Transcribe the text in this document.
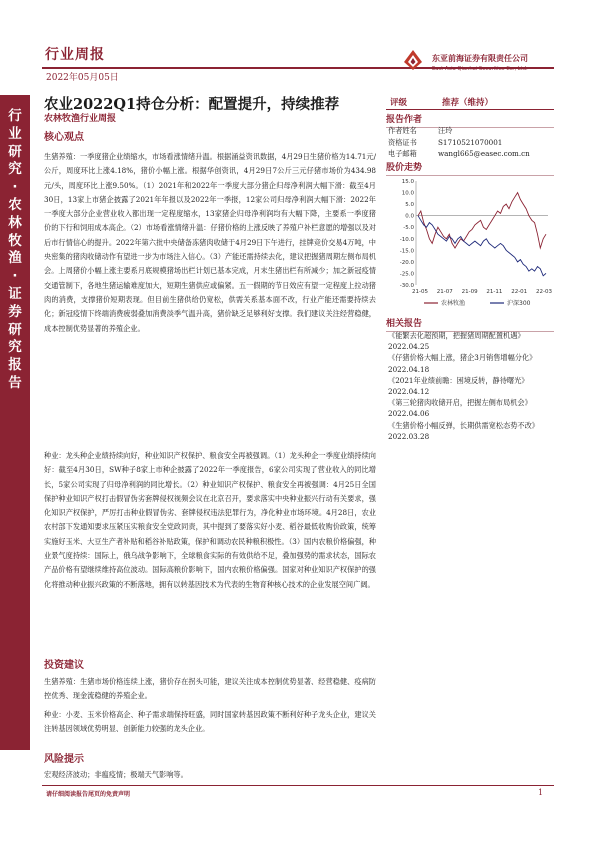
行业研究·农林牧渔·证券研究报告
行业周报
2022年05月05日
东亚前海证券有限责任公司
East Asia Qianhai Securities Co., Ltd.
农业2022Q1持仓分析：配置提升，持续推荐
农林牧渔行业周报
核心观点
生猪养殖：一季度猪企业绩缩水，市场看涨情绪升温。根据涌益资讯数据，4月29日生猪价格为14.71元/公斤，周度环比上涨4.18%，猪价小幅上涨。根据华创资讯，4月29日7公斤三元仔猪市场价为434.98元/头，周度环比上涨9.50%。（1）2021年和2022年一季度大部分猪企归母净利润大幅下滑：截至4月30日，13家上市猪企披露了2021年年报以及2022年一季报，12家公司归母净利润大幅下滑：2022年一季度大部分企业营业收入都出现一定程度缩水，13家猪企归母净利润均有大幅下降，主要系一季度猪价的下行和饲用成本高企。（2）市场看涨情绪升温：仔猪价格的上涨反映了养殖户补栏意愿的增强以及对后市行情信心的提升。2022年第六批中央储备冻猪肉收储于4月29日下午进行，挂牌竞价交易4万吨，中央密集的猪肉收储动作有望进一步为市场注入信心。（3）产能还需持续去化，建议把握猪周期左侧布局机会。上周猪价小幅上涨主要系月底规模猪场出栏计划已基本完成，月末生猪出栏有所减少；加之新冠疫情交通管制下，各地生猪运输难度加大，短期生猪供应或偏紧。五一假期的节日效应有望一定程度上拉动猪肉的消费，支撑猪价短期表现。但目前生猪供给仍宽松，供需关系基本面不改，行业产能还需要持续去化；新冠疫情下终端消费疲弱叠加消费淡季气温升高，猪价缺乏足够利好支撑。我们建议关注经营稳健，成本控制优势显著的养殖企业。
种业：龙头种企业绩持续向好，种业知识产权保护、粮食安全再被强调。（1）龙头种企一季度业绩持续向好：截至4月30日，SW种子8家上市种企披露了2022年一季度报告，6家公司实现了营业收入的同比增长，5家公司实现了归母净利润的同比增长。（2）种业知识产权保护、粮食安全再被强调：4月25日全国保护种业知识产权打击假冒伪劣套牌侵权视频会议在北京召开，要求落实中央种业振兴行动有关要求，强化知识产权保护，严厉打击种业假冒伪劣、套牌侵权违法犯罪行为，净化种业市场环境。4月28日，农业农村部下发通知要求压紧压实粮食安全党政同责，其中提到了要落实好小麦、稻谷最低收购价政策，统筹实施好玉米、大豆生产者补贴和稻谷补贴政策，保护和调动农民种粮积极性。（3）国内农粮价格偏强，种业景气度持续：国际上，俄乌战争影响下，全球粮食实际的有效供给不足，叠加强势的需求状态，国际农产品价格有望继续维持高位波动。国际高粮价影响下，国内农粮价格偏强。国家对种业知识产权保护的强化将推动种业振兴政策的不断落地，拥有以转基因技术为代表的生物育种核心技术的企业发展空间广阔。
投资建议
生猪养殖：生猪市场价格连续上涨，猪价存在拐头可能，建议关注成本控制优势显著、经营稳健、疫病防控优秀、现金流稳健的养殖企业。
种业：小麦、玉米价格高企、种子需求端保持旺盛，同时国家转基因政策不断利好种子龙头企业，建议关注转基因领域优势明显、创新能力较强的龙头企业。
风险提示
宏观经济波动；非瘟疫情；极端天气影响等。
评级	推荐（维持）
报告作者
作者姓名	汪玲
资格证书	S1710521070001
电子邮箱	wangl665@easec.com.cn
股价走势
15.0
10.0
5.0
0.0
-5.0
-10.0
-15.0
-20.0
-25.0
-30.0
21-05 21-07 21-09 21-11 22-01 22-03
农林牧渔	沪深300
相关报告
《能繁去化超预期，把握猪周期配置机遇》2022.04.25
《仔猪价格大幅上涨，猪企3月销售增幅分化》2022.04.18
《2021年业绩前瞻：困境反转，静待曙光》2022.04.12
《第三轮猪肉收储开启，把握左侧布局机会》2022.04.06
《生猪价格小幅反弹，长期供需宽松态势不改》2022.03.28
请仔细阅读报告尾页的免责声明	1
